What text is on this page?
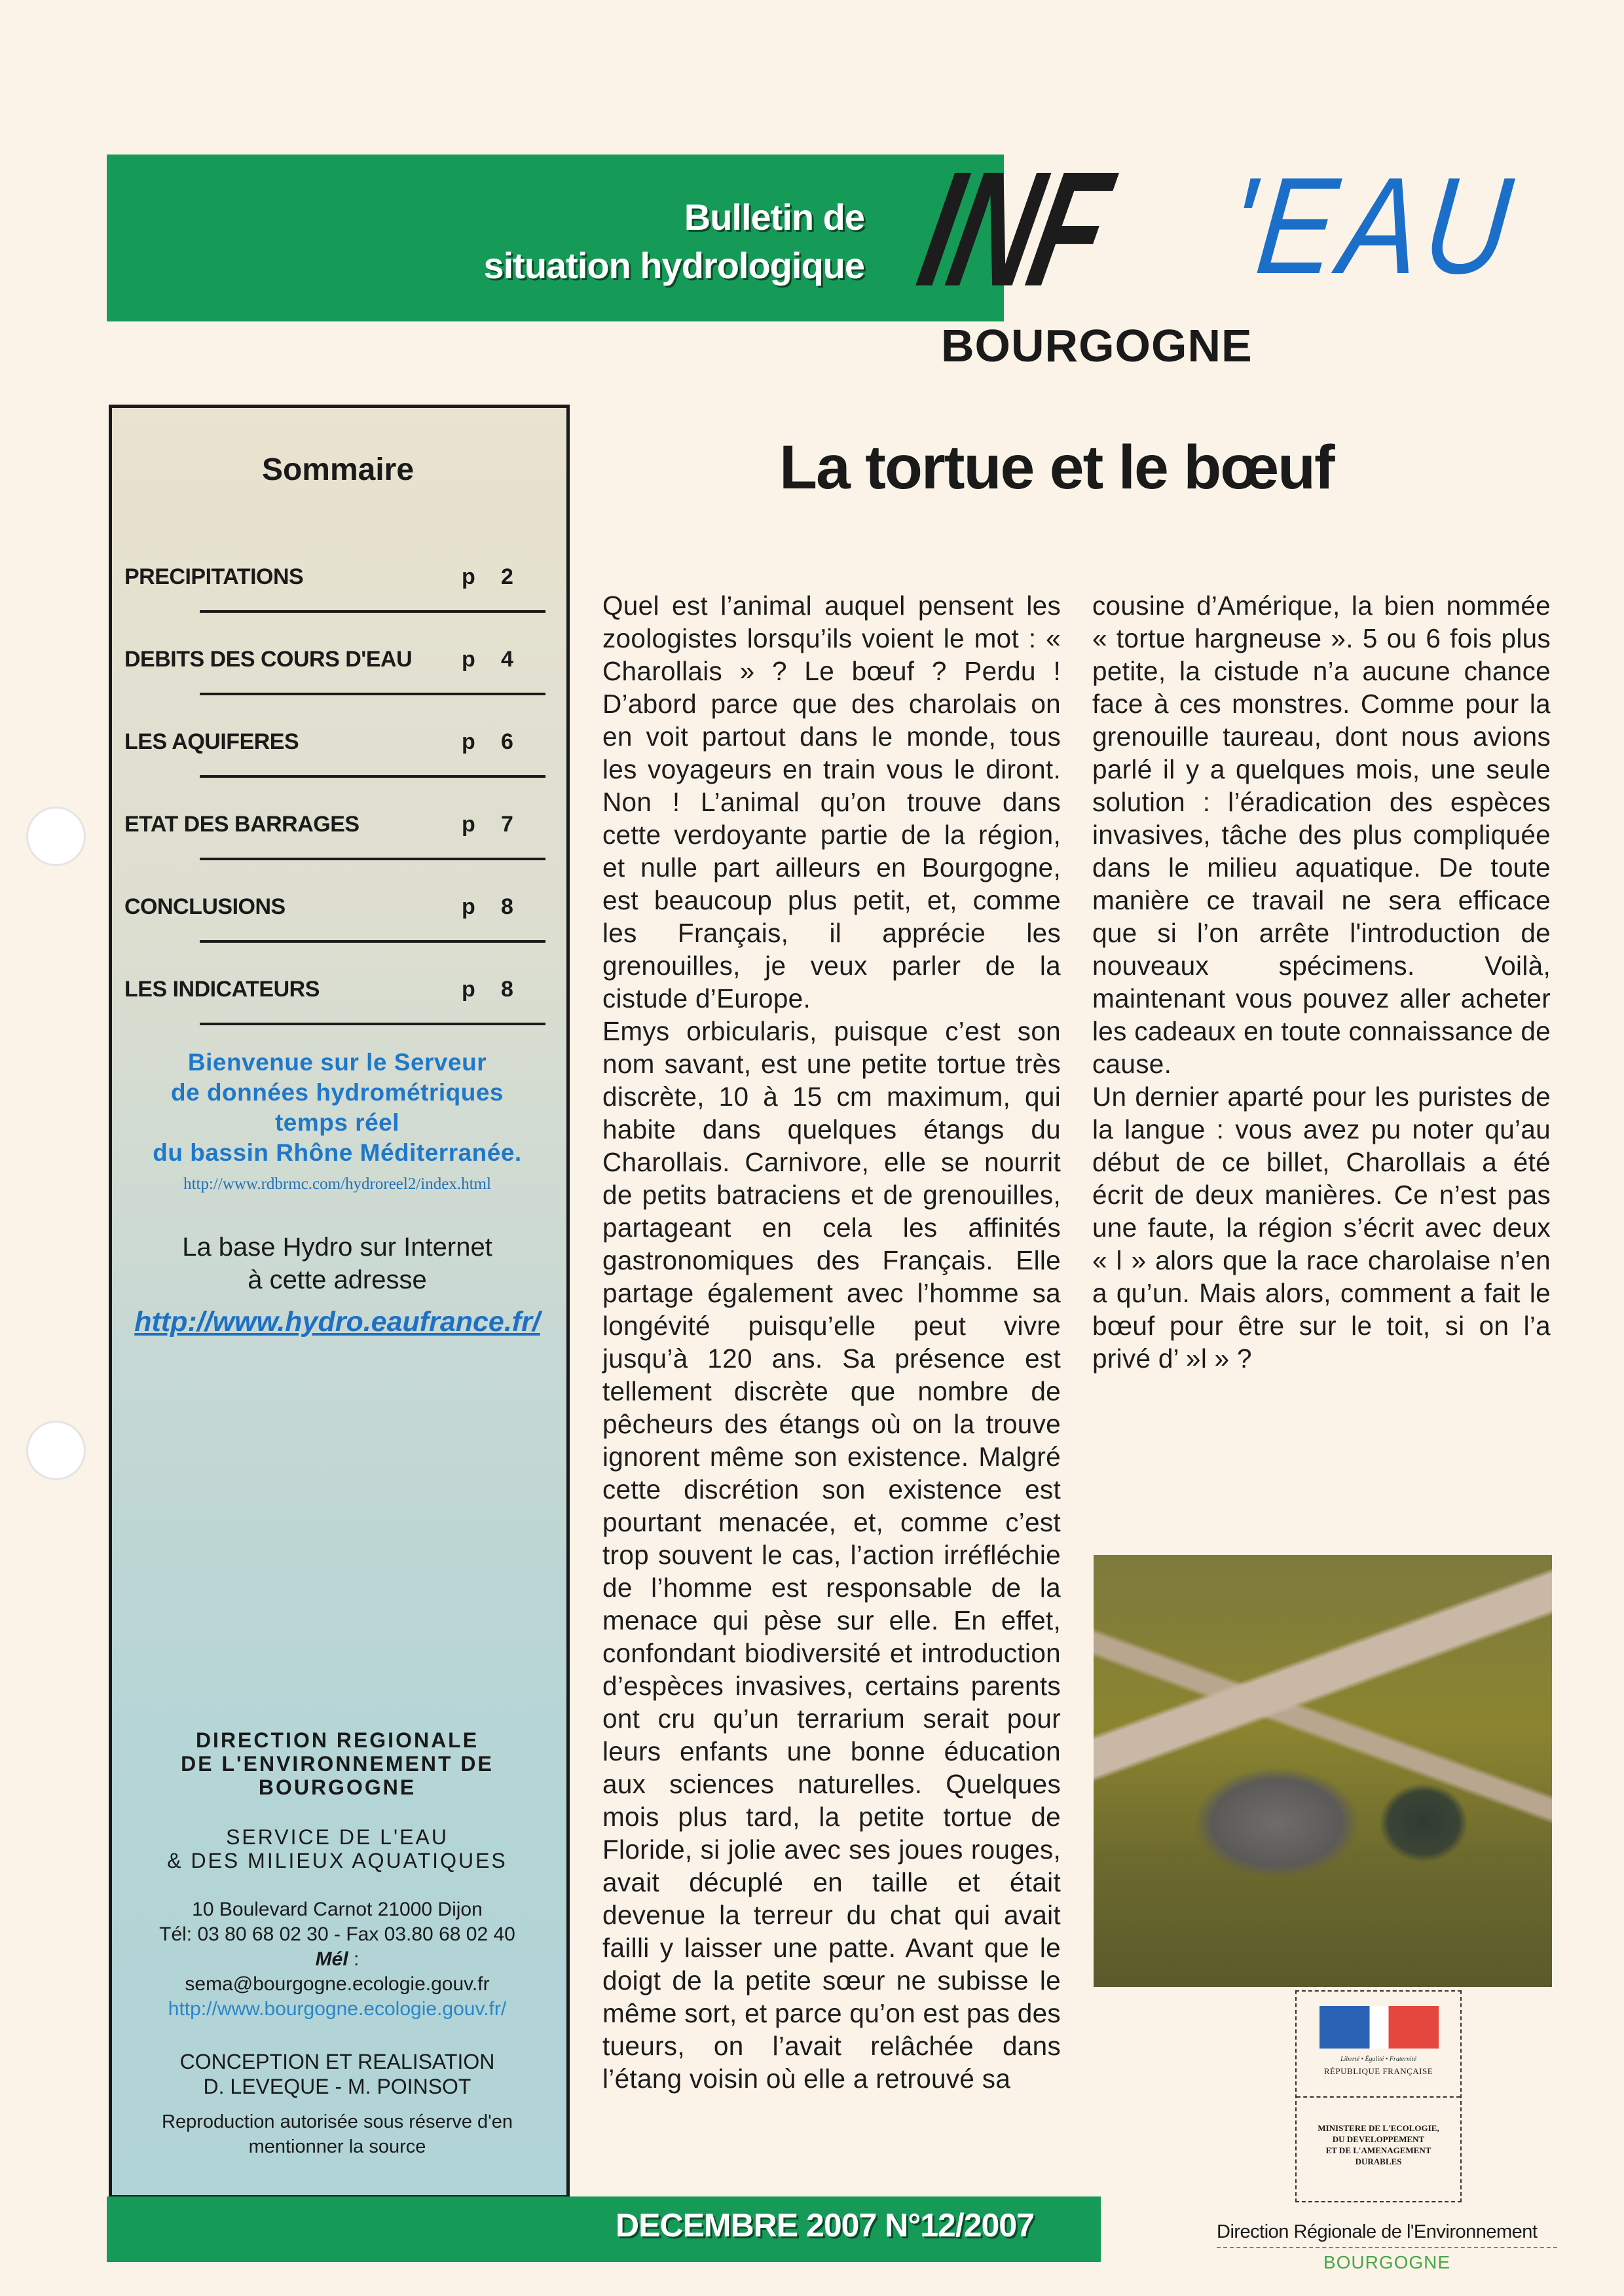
Bulletin de
situation hydrologique INF 'EAU
BOURGOGNE
Sommaire
PRECIPITATIONS	p 2
DEBITS DES COURS D'EAU p 4
LES AQUIFERES	p 6
ETAT DES BARRAGES	p 7
CONCLUSIONS	p 8
LES INDICATEURS	p 8
Bienvenue sur le Serveur
de données hydrométriques
temps réel
du bassin Rhône Méditerranée.
http://www.rdbrmc.com/hydroreel2/index.html
La base Hydro sur Internet
à cette adresse
http://www.hydro.eaufrance.fr/
DIRECTION REGIONALE
DE L'ENVIRONNEMENT DE
BOURGOGNE
SERVICE DE L'EAU
& DES MILIEUX AQUATIQUES
10 Boulevard Carnot 21000 Dijon
Tél: 03 80 68 02 30 - Fax 03.80 68 02 40
Mél :
sema@bourgogne.ecologie.gouv.fr
http://www.bourgogne.ecologie.gouv.fr/
CONCEPTION ET REALISATION
D. LEVEQUE - M. POINSOT
Reproduction autorisée sous réserve d'en
mentionner la source
La tortue et le bœuf

Quel est l’animal auquel pensent les zoologistes lorsqu’ils voient le mot : « Charollais » ? Le bœuf ? Perdu ! D’abord parce que des charolais on en voit partout dans le monde, tous les voyageurs en train vous le diront. Non ! L’animal qu’on trouve dans cette verdoyante partie de la région, et nulle part ailleurs en Bourgogne, est beaucoup plus petit, et, comme les Français, il apprécie les grenouilles, je veux parler de la cistude d’Europe.

Emys orbicularis, puisque c’est son nom savant, est une petite tortue très discrète, 10 à 15 cm maximum, qui habite dans quelques étangs du Charollais. Carnivore, elle se nourrit de petits batraciens et de grenouilles, partageant en cela les affinités gastronomiques des Français. Elle partage également avec l’homme sa longévité puisqu’elle peut vivre jusqu’à 120 ans. Sa présence est tellement discrète que nombre de pêcheurs des étangs où on la trouve ignorent même son existence. Malgré cette discrétion son existence est pourtant menacée, et, comme c’est trop souvent le cas, l’action irréfléchie de l’homme est responsable de la menace qui pèse sur elle. En effet, confondant biodiversité et introduction d’espèces invasives, certains parents ont cru qu’un terrarium serait pour leurs enfants une bonne éducation aux sciences naturelles. Quelques mois plus tard, la petite tortue de Floride, si jolie avec ses joues rouges, avait décuplé en taille et était devenue la terreur du chat qui avait failli y laisser une patte. Avant que le doigt de la petite sœur ne subisse le même sort, et parce qu’on est pas des tueurs, on l’avait relâchée dans l’étang voisin où elle a retrouvé sa

cousine d’Amérique, la bien nommée « tortue hargneuse ». 5 ou 6 fois plus petite, la cistude n’a aucune chance face à ces monstres. Comme pour la grenouille taureau, dont nous avions parlé il y a quelques mois, une seule solution : l’éradication des espèces invasives, tâche des plus compliquée dans le milieu aquatique. De toute manière ce travail ne sera efficace que si l’on arrête l'introduction de nouveaux spécimens. Voilà, maintenant vous pouvez aller acheter les cadeaux en toute connaissance de cause.

Un dernier aparté pour les puristes de la langue : vous avez pu noter qu’au début de ce billet, Charollais a été écrit de deux manières. Ce n’est pas une faute, la région s’écrit avec deux « l » alors que la race charolaise n’en a qu’un. Mais alors, comment a fait le bœuf pour être sur le toit, si on l’a privé d’ »l » ?

DECEMBRE 2007 N°12/2007
Liberté • Égalité • Fraternité
RÉPUBLIQUE FRANÇAISE
MINISTERE DE L'ECOLOGIE,
DU DEVELOPPEMENT
ET DE L'AMENAGEMENT
DURABLES
Direction Régionale de l'Environnement
BOURGOGNE
